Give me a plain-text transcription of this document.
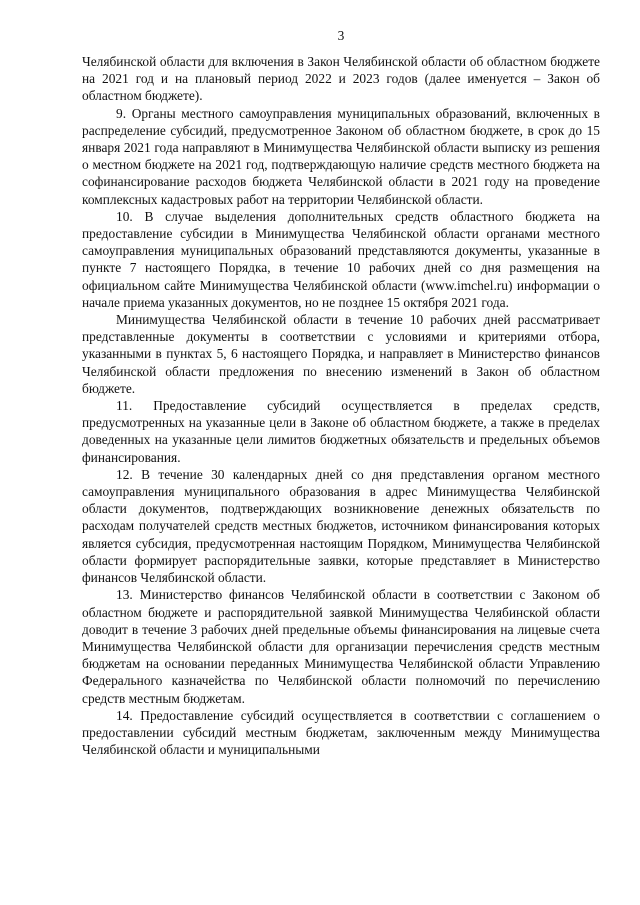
3

Челябинской области для включения в Закон Челябинской области об областном бюджете на 2021 год и на плановый период 2022 и 2023 годов (далее именуется – Закон об областном бюджете).

9. Органы местного самоуправления муниципальных образований, включенных в распределение субсидий, предусмотренное Законом об областном бюджете, в срок до 15 января 2021 года направляют в Минимущества Челябинской области выписку из решения о местном бюджете на 2021 год, подтверждающую наличие средств местного бюджета на софинансирование расходов бюджета Челябинской области в 2021 году на проведение комплексных кадастровых работ на территории Челябинской области.

10. В случае выделения дополнительных средств областного бюджета на предоставление субсидии в Минимущества Челябинской области органами местного самоуправления муниципальных образований представляются документы, указанные в пункте 7 настоящего Порядка, в течение 10 рабочих дней со дня размещения на официальном сайте Минимущества Челябинской области (www.imchel.ru) информации о начале приема указанных документов, но не позднее 15 октября 2021 года.

Минимущества Челябинской области в течение 10 рабочих дней рассматривает представленные документы в соответствии с условиями и критериями отбора, указанными в пунктах 5, 6 настоящего Порядка, и направляет в Министерство финансов Челябинской области предложения по внесению изменений в Закон об областном бюджете.

11. Предоставление субсидий осуществляется в пределах средств, предусмотренных на указанные цели в Законе об областном бюджете, а также в пределах доведенных на указанные цели лимитов бюджетных обязательств и предельных объемов финансирования.

12. В течение 30 календарных дней со дня представления органом местного самоуправления муниципального образования в адрес Минимущества Челябинской области документов, подтверждающих возникновение денежных обязательств по расходам получателей средств местных бюджетов, источником финансирования которых является субсидия, предусмотренная настоящим Порядком, Минимущества Челябинской области формирует распорядительные заявки, которые представляет в Министерство финансов Челябинской области.

13. Министерство финансов Челябинской области в соответствии с Законом об областном бюджете и распорядительной заявкой Минимущества Челябинской области доводит в течение 3 рабочих дней предельные объемы финансирования на лицевые счета Минимущества Челябинской области для организации перечисления средств местным бюджетам на основании переданных Минимущества Челябинской области Управлению Федерального казначейства по Челябинской области полномочий по перечислению средств местным бюджетам.

14. Предоставление субсидий осуществляется в соответствии с соглашением о предоставлении субсидий местным бюджетам, заключенным между Минимущества Челябинской области и муниципальными
